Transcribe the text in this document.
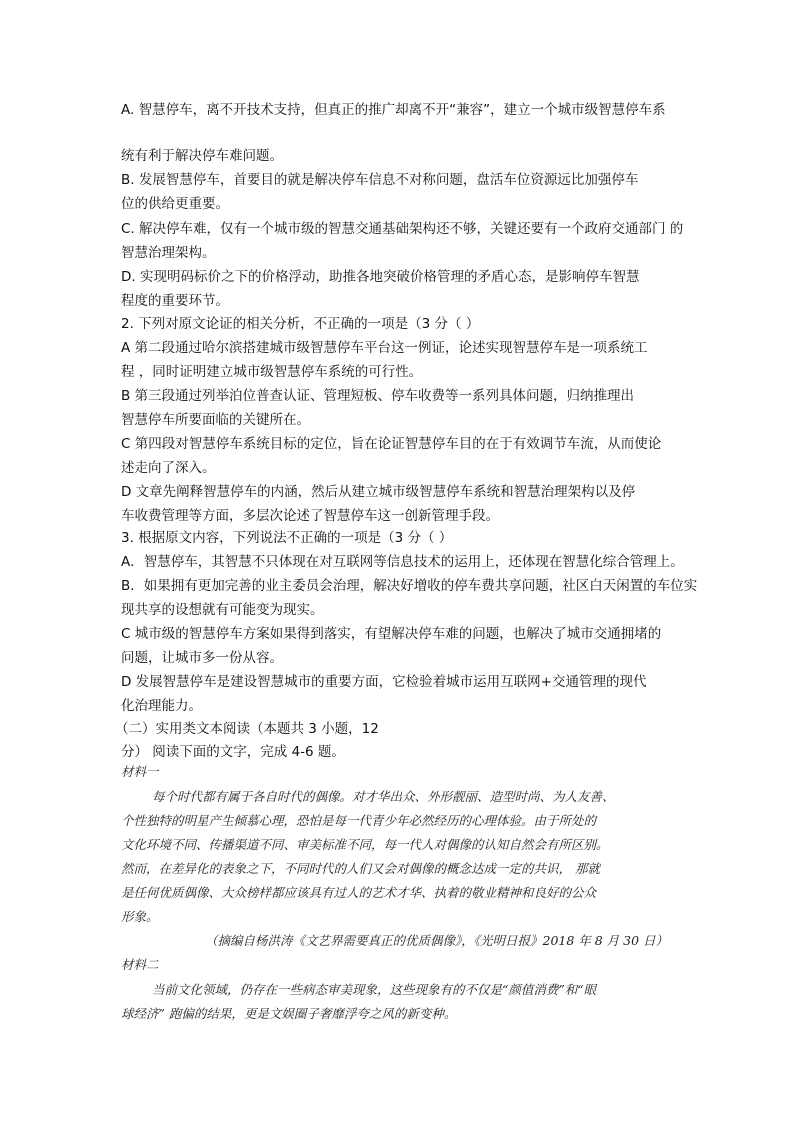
A. 智慧停车，离不开技术支持，但真正的推广却离不开“兼容”，建立一个城市级智慧停车系
统有利于解决停车难问题。
B. 发展智慧停车，首要目的就是解决停车信息不对称问题，盘活车位资源远比加强停车
位的供给更重要。
C. 解决停车难，仅有一个城市级的智慧交通基础架构还不够，关键还要有一个政府交通部门 的
智慧治理架构。
D. 实现明码标价之下的价格浮动，助推各地突破价格管理的矛盾心态，是影响停车智慧
程度的重要环节。
2. 下列对原文论证的相关分析，不正确的一项是（3 分（ ）
A 第二段通过哈尔滨搭建城市级智慧停车平台这一例证，论述实现智慧停车是一项系统工
程 ，同时证明建立城市级智慧停车系统的可行性。
B 第三段通过列举泊位普查认证、管理短板、停车收费等一系列具体问题，归纳推理出
智慧停车所要面临的关键所在。
C 第四段对智慧停车系统目标的定位，旨在论证智慧停车目的在于有效调节车流，从而使论
述走向了深入。
D 文章先阐释智慧停车的内涵，然后从建立城市级智慧停车系统和智慧治理架构以及停
车收费管理等方面，多层次论述了智慧停车这一创新管理手段。
3. 根据原文内容，下列说法不正确的一项是（3 分（ ）
A．智慧停车，其智慧不只体现在对互联网等信息技术的运用上，还体现在智慧化综合管理上。
B．如果拥有更加完善的业主委员会治理，解决好增收的停车费共享问题，社区白天闲置的车位实
现共享的设想就有可能变为现实。
C 城市级的智慧停车方案如果得到落实，有望解决停车难的问题，也解决了城市交通拥堵的
问题，让城市多一份从容。
D 发展智慧停车是建设智慧城市的重要方面，它检验着城市运用互联网+交通管理的现代
化治理能力。
（二）实用类文本阅读（本题共 3 小题，12
分） 阅读下面的文字，完成 4-6 题。
材料一
每个时代都有属于各自时代的偶像。对才华出众、外形靓丽、造型时尚、为人友善、
个性独特的明星产生倾慕心理，恐怕是每一代青少年必然经历的心理体验。由于所处的
文化环境不同、传播渠道不同、审美标准不同，每一代人对偶像的认知自然会有所区别。
然而，在差异化的表象之下，不同时代的人们又会对偶像的概念达成一定的共识， 那就
是任何优质偶像、大众榜样都应该具有过人的艺术才华、执着的敬业精神和良好的公众
形象。
（摘编自杨洪涛《文艺界需要真正的优质偶像》，《光明日报》2018 年 8 月 30 日）
材料二
当前文化领域，仍存在一些病态审美现象，这些现象有的不仅是“颜值消费”和“眼
球经济” 跑偏的结果，更是文娱圈子奢靡浮夸之风的新变种。
